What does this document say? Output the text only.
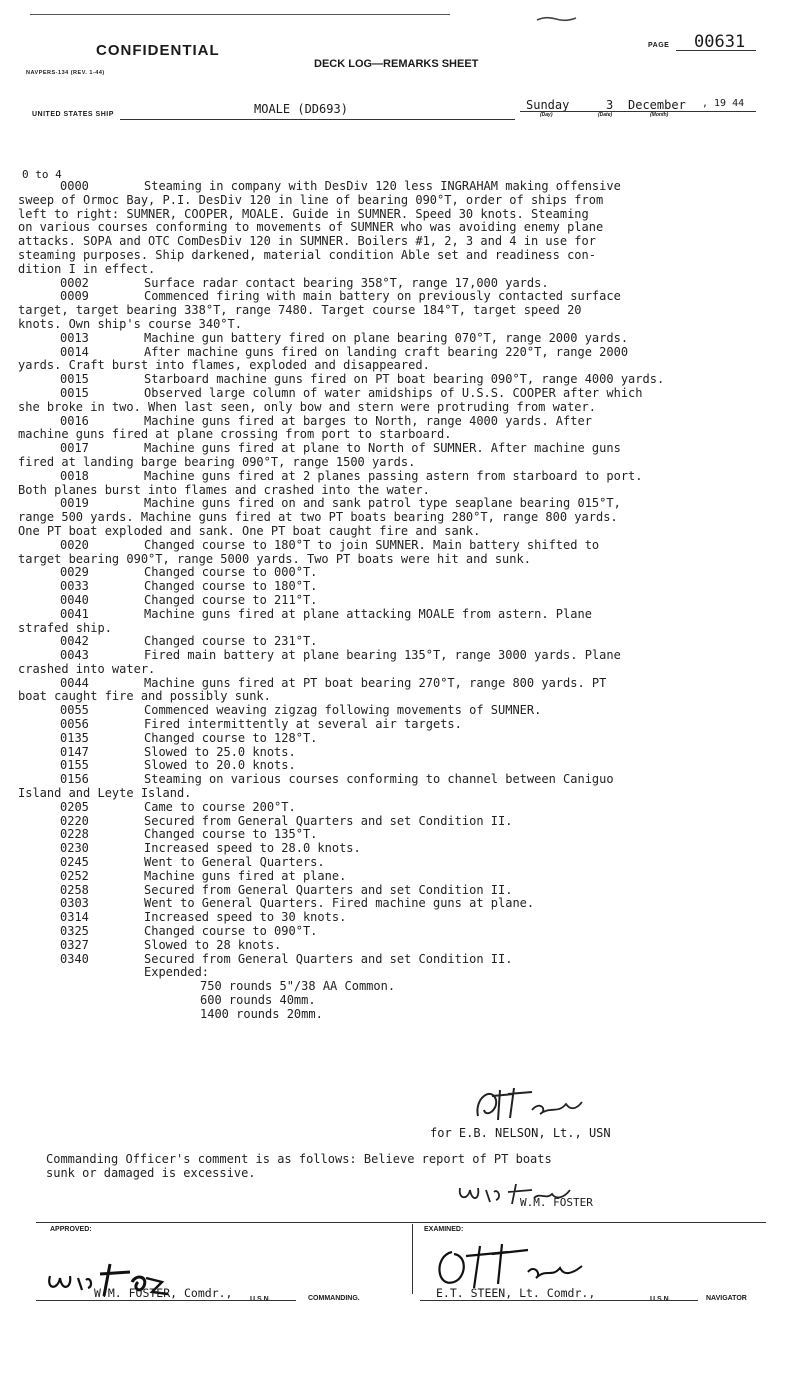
CONFIDENTIAL	PAGE 00631
NAVPERS-134 (REV. 1-44)
DECK LOG—REMARKS SHEET
UNITED STATES SHIP	MOALE (DD693)	Sunday
(Day)
3
(Date)
December
(Month)
, 19 44
0 to 4
0000	Steaming in company with DesDiv 120 less INGRAHAM making offensive
sweep of Ormoc Bay, P.I. DesDiv 120 in line of bearing 090°T, order of ships from
left to right: SUMNER, COOPER, MOALE. Guide in SUMNER. Speed 30 knots. Steaming
on various courses conforming to movements of SUMNER who was avoiding enemy plane
attacks. SOPA and OTC ComDesDiv 120 in SUMNER. Boilers #1, 2, 3 and 4 in use for
steaming purposes. Ship darkened, material condition Able set and readiness con-
dition I in effect.
0002	Surface radar contact bearing 358°T, range 17,000 yards.
0009	Commenced firing with main battery on previously contacted surface
target, target bearing 338°T, range 7480. Target course 184°T, target speed 20
knots. Own ship's course 340°T.
0013	Machine gun battery fired on plane bearing 070°T, range 2000 yards.
0014	After machine guns fired on landing craft bearing 220°T, range 2000
yards. Craft burst into flames, exploded and disappeared.
0015	Starboard machine guns fired on PT boat bearing 090°T, range 4000 yards.
0015	Observed large column of water amidships of U.S.S. COOPER after which
she broke in two. When last seen, only bow and stern were protruding from water.
0016	Machine guns fired at barges to North, range 4000 yards. After
machine guns fired at plane crossing from port to starboard.
0017	Machine guns fired at plane to North of SUMNER. After machine guns
fired at landing barge bearing 090°T, range 1500 yards.
0018	Machine guns fired at 2 planes passing astern from starboard to port.
Both planes burst into flames and crashed into the water.
0019	Machine guns fired on and sank patrol type seaplane bearing 015°T,
range 500 yards. Machine guns fired at two PT boats bearing 280°T, range 800 yards.
One PT boat exploded and sank. One PT boat caught fire and sank.
0020	Changed course to 180°T to join SUMNER. Main battery shifted to
target bearing 090°T, range 5000 yards. Two PT boats were hit and sunk.
0029	Changed course to 000°T.
0033	Changed course to 180°T.
0040	Changed course to 211°T.
0041	Machine guns fired at plane attacking MOALE from astern. Plane
strafed ship.
0042	Changed course to 231°T.
0043	Fired main battery at plane bearing 135°T, range 3000 yards. Plane
crashed into water.
0044	Machine guns fired at PT boat bearing 270°T, range 800 yards. PT
boat caught fire and possibly sunk.
0055	Commenced weaving zigzag following movements of SUMNER.
0056	Fired intermittently at several air targets.
0135	Changed course to 128°T.
0147	Slowed to 25.0 knots.
0155	Slowed to 20.0 knots.
0156	Steaming on various courses conforming to channel between Caniguo
Island and Leyte Island.
0205	Came to course 200°T.
0220	Secured from General Quarters and set Condition II.
0228	Changed course to 135°T.
0230	Increased speed to 28.0 knots.
0245	Went to General Quarters.
0252	Machine guns fired at plane.
0258	Secured from General Quarters and set Condition II.
0303	Went to General Quarters. Fired machine guns at plane.
0314	Increased speed to 30 knots.
0325	Changed course to 090°T.
0327	Slowed to 28 knots.
0340	Secured from General Quarters and set Condition II.
Expended:
750 rounds 5"/38 AA Common.
600 rounds 40mm.
1400 rounds 20mm.
for E.B. NELSON, Lt., USN
Commanding Officer's comment is as follows: Believe report of PT boats
sunk or damaged is excessive.
W.M. FOSTER
APPROVED:	EXAMINED:
W.M. FOSTER, Comdr.,	U.S.N.	COMMANDING.	E.T. STEEN, Lt. Comdr.,	U.S.N.	NAVIGATOR
